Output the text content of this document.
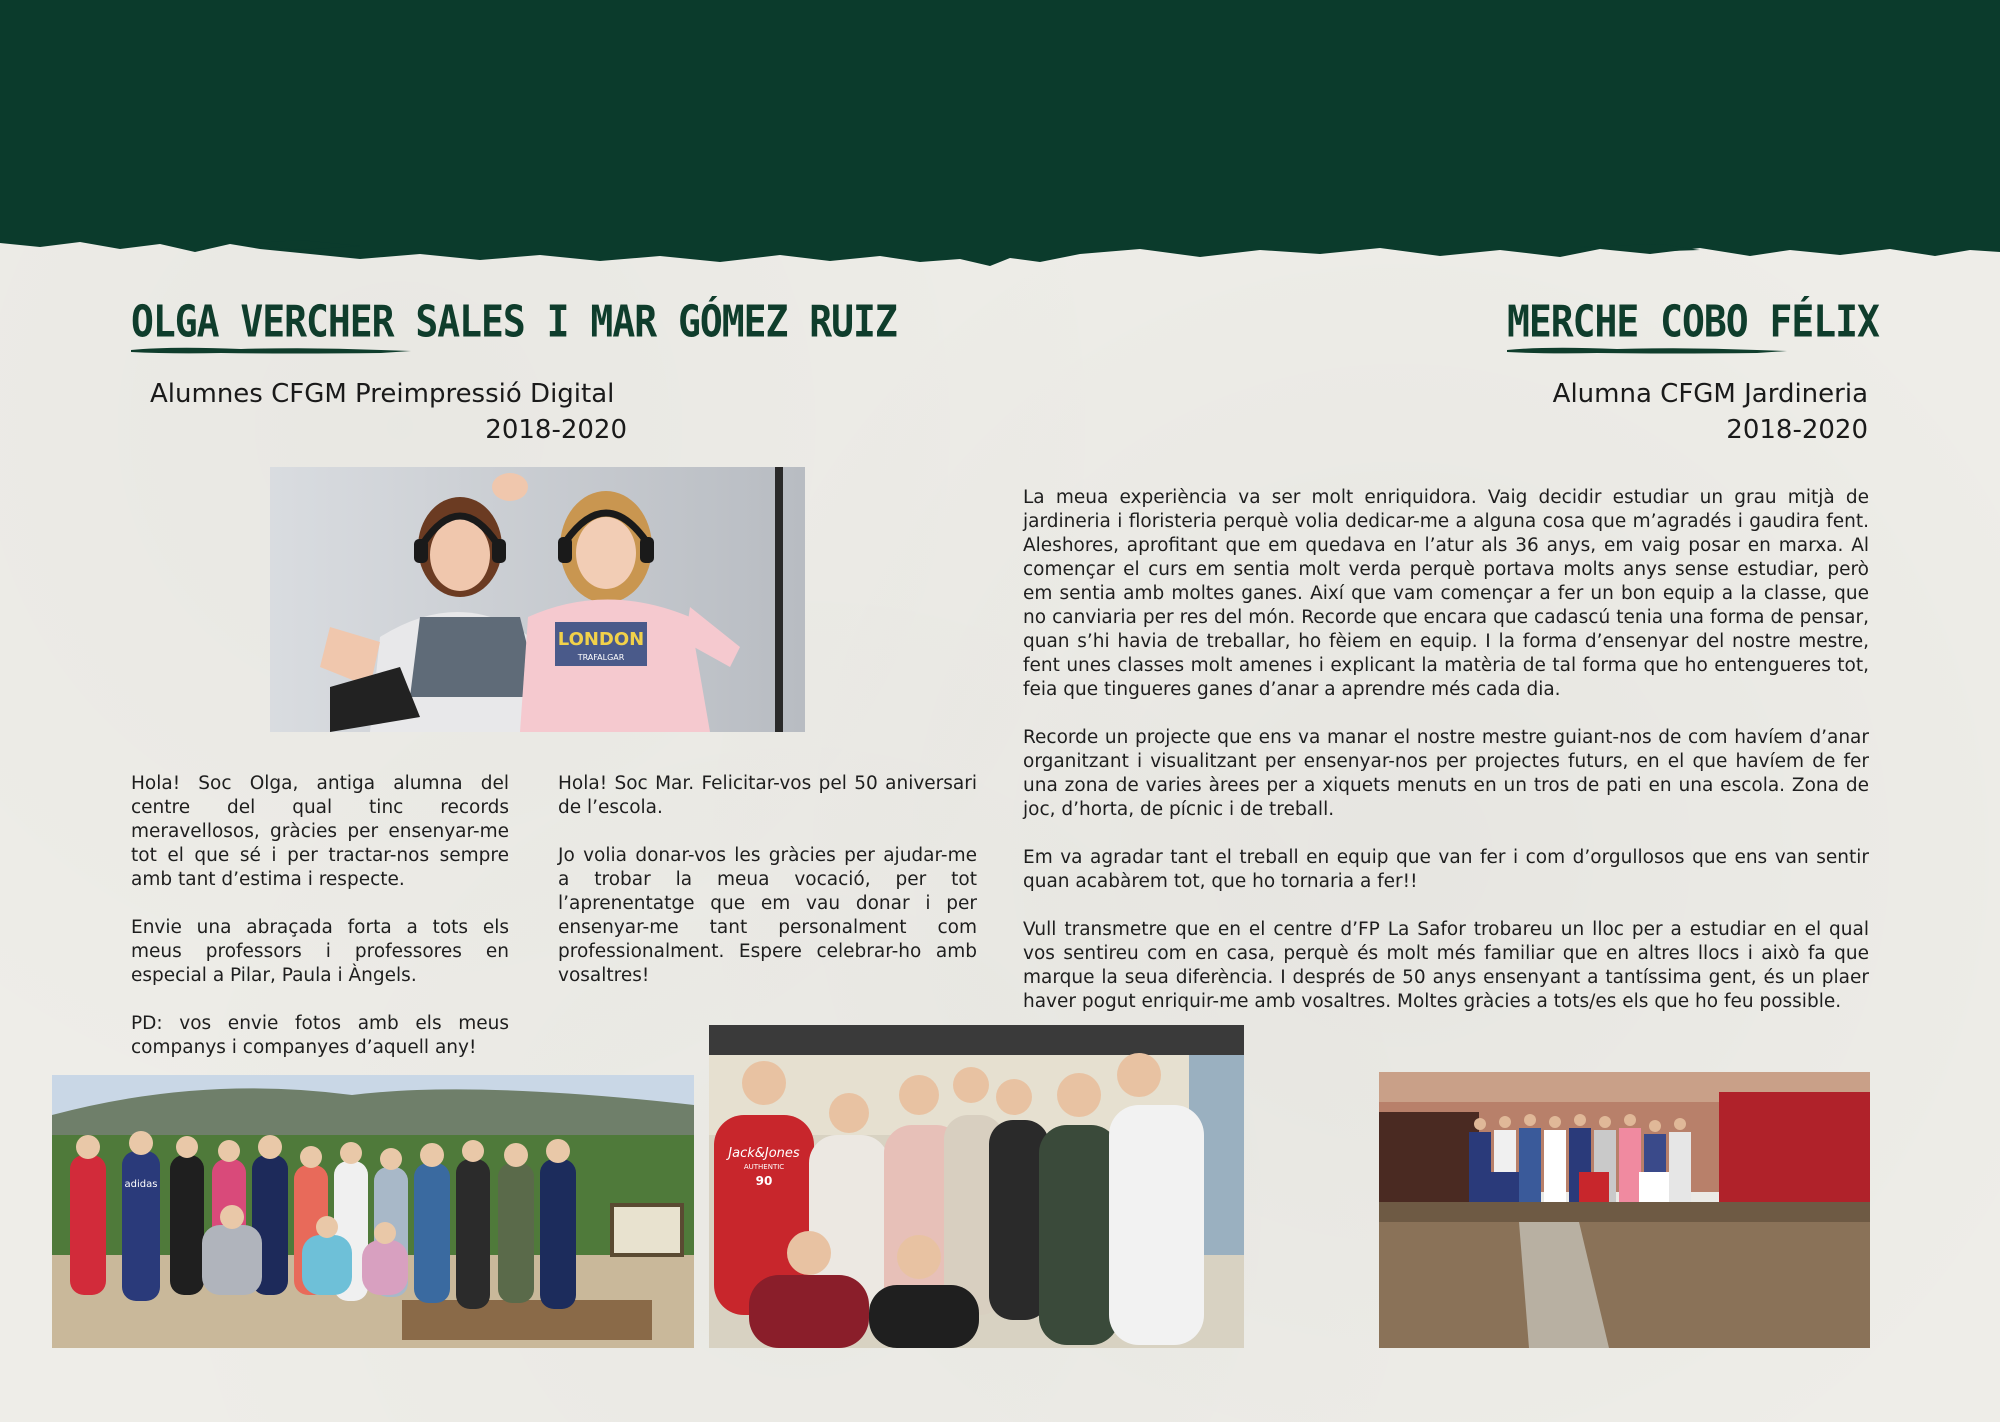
OLGA VERCHER SALES I MAR GÓMEZ RUIZ
Alumnes CFGM Preimpressió Digital
2018-2020
LONDON
TRAFALGAR

Hola! Soc Olga, antiga alumna del centre del qual tinc records meravellosos, gràcies per ensenyar-me tot el que sé i per tractar-nos sempre amb tant d’estima i respecte.

Envie una abraçada forta a tots els meus professors i professores en especial a Pilar, Paula i Àngels.

PD: vos envie fotos amb els meus companys i companyes d’aquell any!

Hola! Soc Mar. Felicitar-vos pel 50 aniversari de l’escola.

Jo volia donar-vos les gràcies per ajudar-me a trobar la meua vocació, per tot l’aprenentatge que em vau donar i per ensenyar-me tant personalment com professionalment. Espere celebrar-ho amb vosaltres!

MERCHE COBO FÉLIX
Alumna CFGM Jardineria
2018-2020

La meua experiència va ser molt enriquidora. Vaig decidir estudiar un grau mitjà de jardineria i floristeria perquè volia dedicar-me a alguna cosa que m’agradés i gaudira fent. Aleshores, aprofitant que em quedava en l’atur als 36 anys, em vaig posar en marxa. Al començar el curs em sentia molt verda perquè portava molts anys sense estudiar, però em sentia amb moltes ganes. Així que vam començar a fer un bon equip a la classe, que no canviaria per res del món. Recorde que encara que cadascú tenia una forma de pensar, quan s’hi havia de treballar, ho fèiem en equip. I la forma d’ensenyar del nostre mestre, fent unes classes molt amenes i explicant la matèria de tal forma que ho entengueres tot, feia que tingueres ganes d’anar a aprendre més cada dia.

Recorde un projecte que ens va manar el nostre mestre guiant-nos de com havíem d’anar organitzant i visualitzant per ensenyar-nos per projectes futurs, en el que havíem de fer una zona de varies àrees per a xiquets menuts en un tros de pati en una escola. Zona de joc, d’horta, de pícnic i de treball.

Em va agradar tant el treball en equip que van fer i com d’orgullosos que ens van sentir quan acabàrem tot, que ho tornaria a fer!!

Vull transmetre que en el centre d’FP La Safor trobareu un lloc per a estudiar en el qual vos sentireu com en casa, perquè és molt més familiar que en altres llocs i això fa que marque la seua diferència. I després de 50 anys ensenyant a tantíssima gent, és un plaer haver pogut enriquir-me amb vosaltres. Moltes gràcies a tots/es els que ho feu possible.

adidas
Jack&Jones
AUTHENTIC
90
